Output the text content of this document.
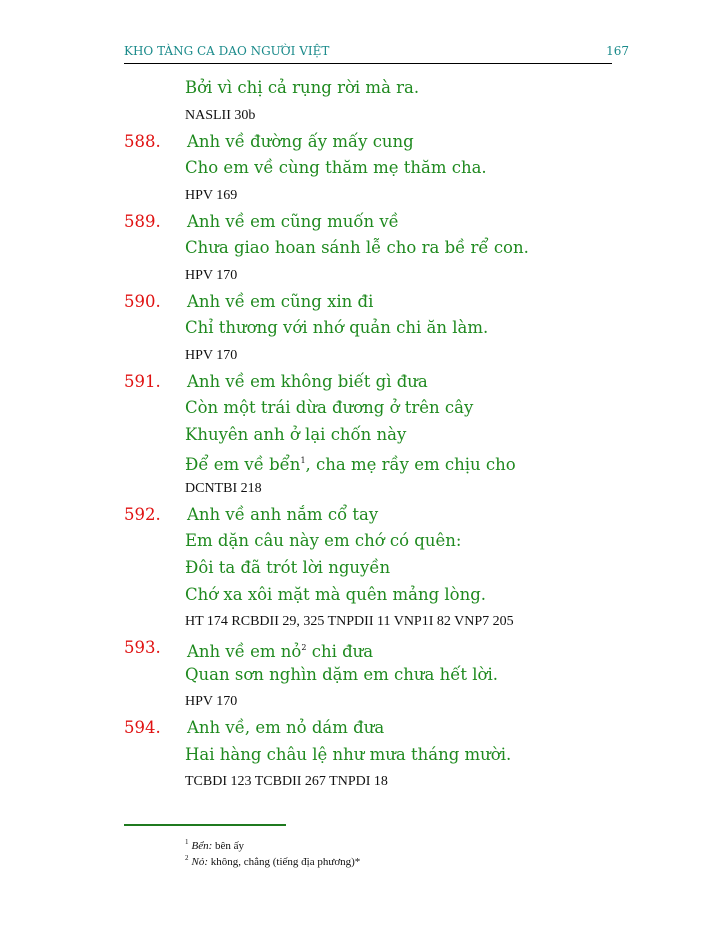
KHO TÀNG CA DAO NGƯỜI VIỆT	167
Bởi vì chị cả rụng rời mà ra.
NASLII 30b
588. Anh về đường ấy mấy cung
Cho em về cùng thăm mẹ thăm cha.
HPV 169
589. Anh về em cũng muốn về
Chưa giao hoan sánh lễ cho ra bề rể con.
HPV 170
590. Anh về em cũng xin đi
Chỉ thương với nhớ quản chi ăn làm.
HPV 170
591. Anh về em không biết gì đưa
Còn một trái dừa đương ở trên cây
Khuyên anh ở lại chốn này
Để em về bển$^1$, cha mẹ rầy em chịu cho
DCNTBI 218
592. Anh về anh nắm cổ tay
Em dặn câu này em chớ có quên:
Đôi ta đã trót lời nguyền
Chớ xa xôi mặt mà quên mảng lòng.
HT 174 RCBDII 29, 325 TNPDII 11 VNP1I 82 VNP7 205
593. Anh về em nỏ$^2$ chi đưa
Quan sơn nghìn dặm em chưa hết lời.
HPV 170
594. Anh về, em nỏ dám đưa
Hai hàng châu lệ như mưa tháng mười.
TCBDI 123 TCBDII 267 TNPDI 18
$^1$ Bển: bên ấy
$^2$ Nỏ: không, chẳng (tiếng địa phương)*
